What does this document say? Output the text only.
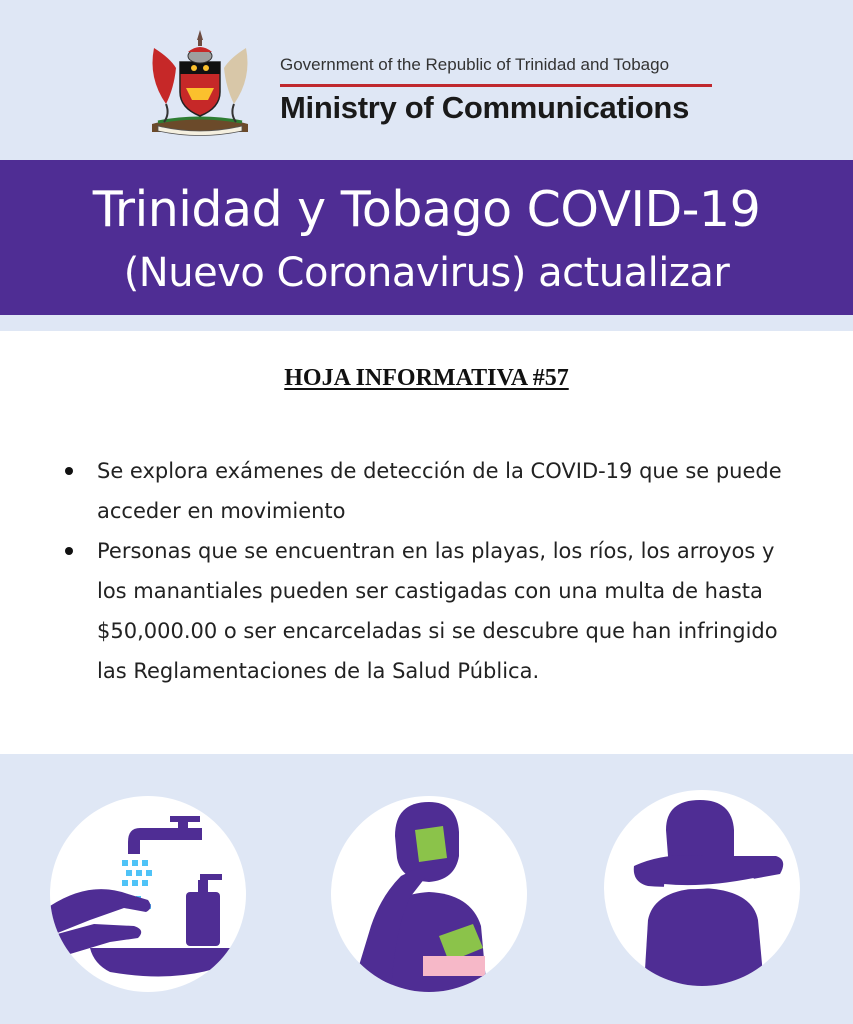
Government of the Republic of Trinidad and Tobago
Ministry of Communications
Trinidad y Tobago COVID-19
(Nuevo Coronavirus) actualizar
HOJA INFORMATIVA #57
Se explora exámenes de detección de la COVID-19 que se puede acceder en movimiento
Personas que se encuentran en las playas, los ríos, los arroyos y los manantiales pueden ser castigadas con una multa de hasta $50,000.00 o ser encarceladas si se descubre que han infringido las Reglamentaciones de la Salud Pública.
